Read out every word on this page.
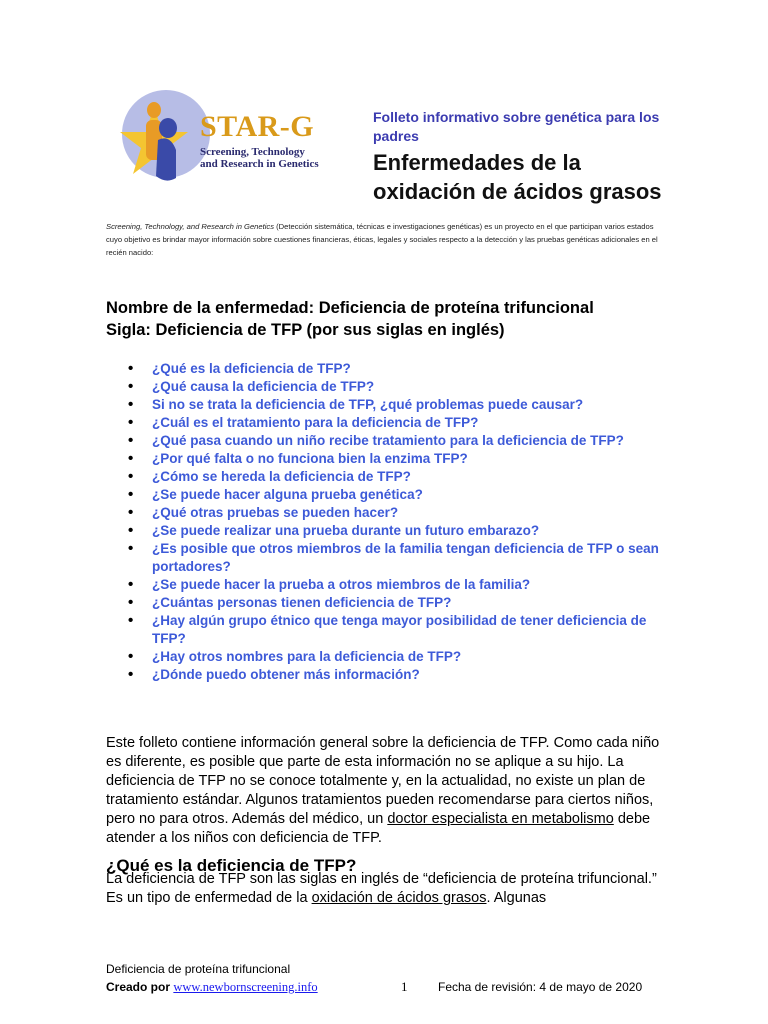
STAR-G
Screening, Technology
and Research in Genetics
Folleto informativo sobre genética para los padres
Enfermedades de la oxidación de ácidos grasos
Screening, Technology, and Research in Genetics (Detección sistemática, técnicas e investigaciones genéticas) es un proyecto en el que participan varios estados cuyo objetivo es brindar mayor información sobre cuestiones financieras, éticas, legales y sociales respecto a la detección y las pruebas genéticas adicionales en el recién nacido:
Nombre de la enfermedad: Deficiencia de proteína trifuncional
Sigla: Deficiencia de TFP (por sus siglas en inglés)
• ¿Qué es la deficiencia de TFP?
• ¿Qué causa la deficiencia de TFP?
• Si no se trata la deficiencia de TFP, ¿qué problemas puede causar?
• ¿Cuál es el tratamiento para la deficiencia de TFP?
• ¿Qué pasa cuando un niño recibe tratamiento para la deficiencia de TFP?
• ¿Por qué falta o no funciona bien la enzima TFP?
• ¿Cómo se hereda la deficiencia de TFP?
• ¿Se puede hacer alguna prueba genética?
• ¿Qué otras pruebas se pueden hacer?
• ¿Se puede realizar una prueba durante un futuro embarazo?
• ¿Es posible que otros miembros de la familia tengan deficiencia de TFP o sean portadores?
• ¿Se puede hacer la prueba a otros miembros de la familia?
• ¿Cuántas personas tienen deficiencia de TFP?
• ¿Hay algún grupo étnico que tenga mayor posibilidad de tener deficiencia de TFP?
• ¿Hay otros nombres para la deficiencia de TFP?
• ¿Dónde puedo obtener más información?
Este folleto contiene información general sobre la deficiencia de TFP. Como cada niño es diferente, es posible que parte de esta información no se aplique a su hijo. La deficiencia de TFP no se conoce totalmente y, en la actualidad, no existe un plan de tratamiento estándar. Algunos tratamientos pueden recomendarse para ciertos niños, pero no para otros. Además del médico, un doctor especialista en metabolismo debe atender a los niños con deficiencia de TFP.
¿Qué es la deficiencia de TFP?
La deficiencia de TFP son las siglas en inglés de “deficiencia de proteína trifuncional.” Es un tipo de enfermedad de la oxidación de ácidos grasos. Algunas
Deficiencia de proteína trifuncional
Creado por www.newbornscreening.info	1	Fecha de revisión: 4 de mayo de 2020
